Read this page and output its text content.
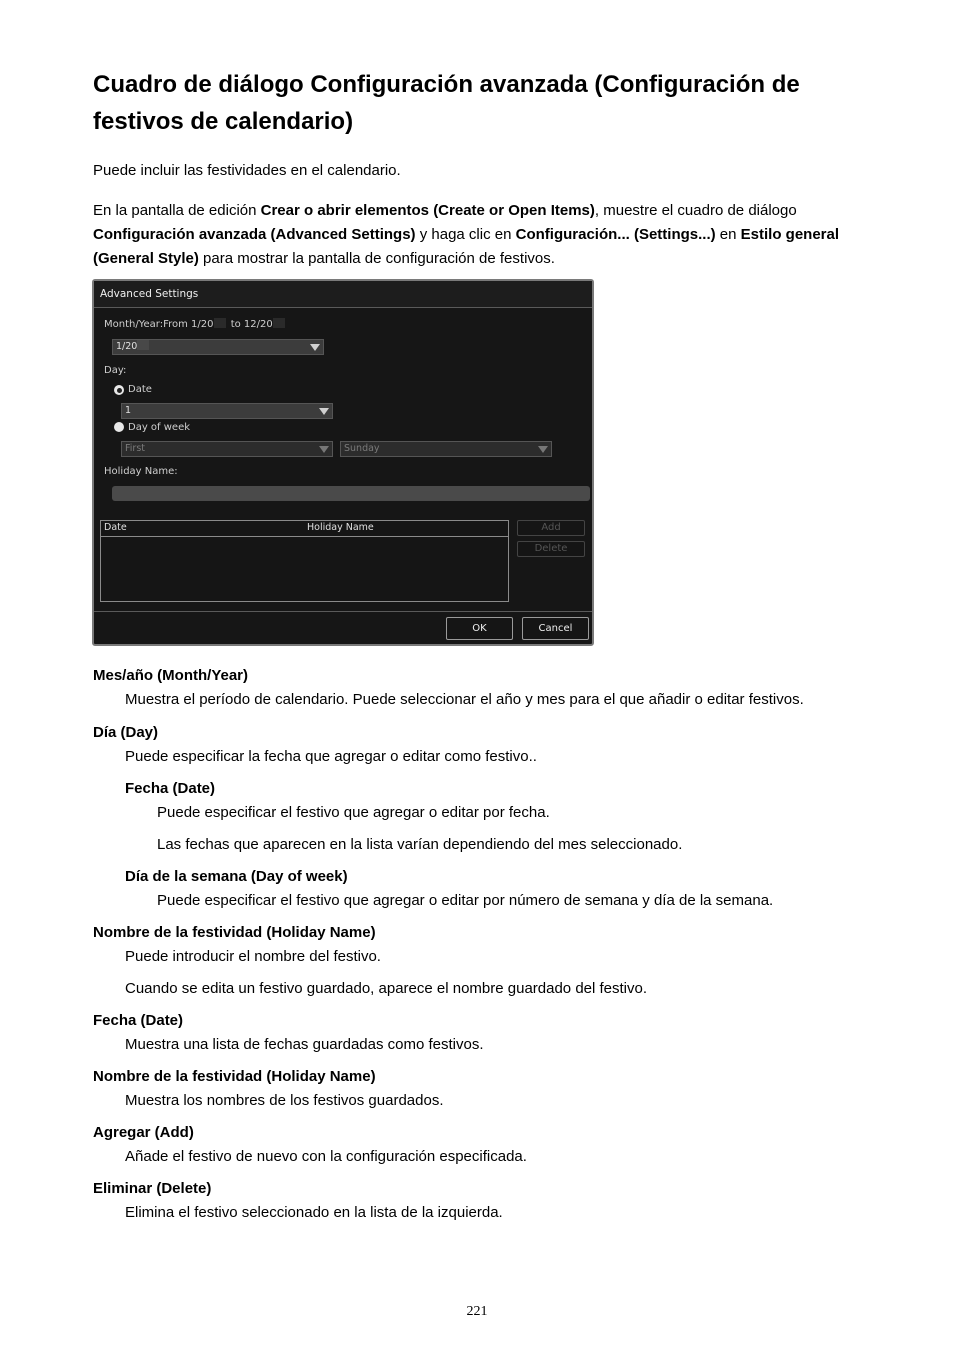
Cuadro de diálogo Configuración avanzada (Configuración de festivos de calendario)

Puede incluir las festividades en el calendario.

En la pantalla de edición Crear o abrir elementos (Create or Open Items), muestre el cuadro de diálogo Configuración avanzada (Advanced Settings) y haga clic en Configuración... (Settings...) en Estilo general (General Style) para mostrar la pantalla de configuración de festivos.

Advanced Settings
Month/Year:From 1/20 to 12/20
1/20
Day:
Date
1
Day of week
First	Sunday
Holiday Name:
Date	Holiday Name	Add
Delete
OK	Cancel

Mes/año (Month/Year)

Muestra el período de calendario. Puede seleccionar el año y mes para el que añadir o editar festivos.

Día (Day)

Puede especificar la fecha que agregar o editar como festivo..

Fecha (Date)

Puede especificar el festivo que agregar o editar por fecha.

Las fechas que aparecen en la lista varían dependiendo del mes seleccionado.

Día de la semana (Day of week)

Puede especificar el festivo que agregar o editar por número de semana y día de la semana.

Nombre de la festividad (Holiday Name)

Puede introducir el nombre del festivo.

Cuando se edita un festivo guardado, aparece el nombre guardado del festivo.

Fecha (Date)

Muestra una lista de fechas guardadas como festivos.

Nombre de la festividad (Holiday Name)

Muestra los nombres de los festivos guardados.

Agregar (Add)

Añade el festivo de nuevo con la configuración especificada.

Eliminar (Delete)

Elimina el festivo seleccionado en la lista de la izquierda.

221
